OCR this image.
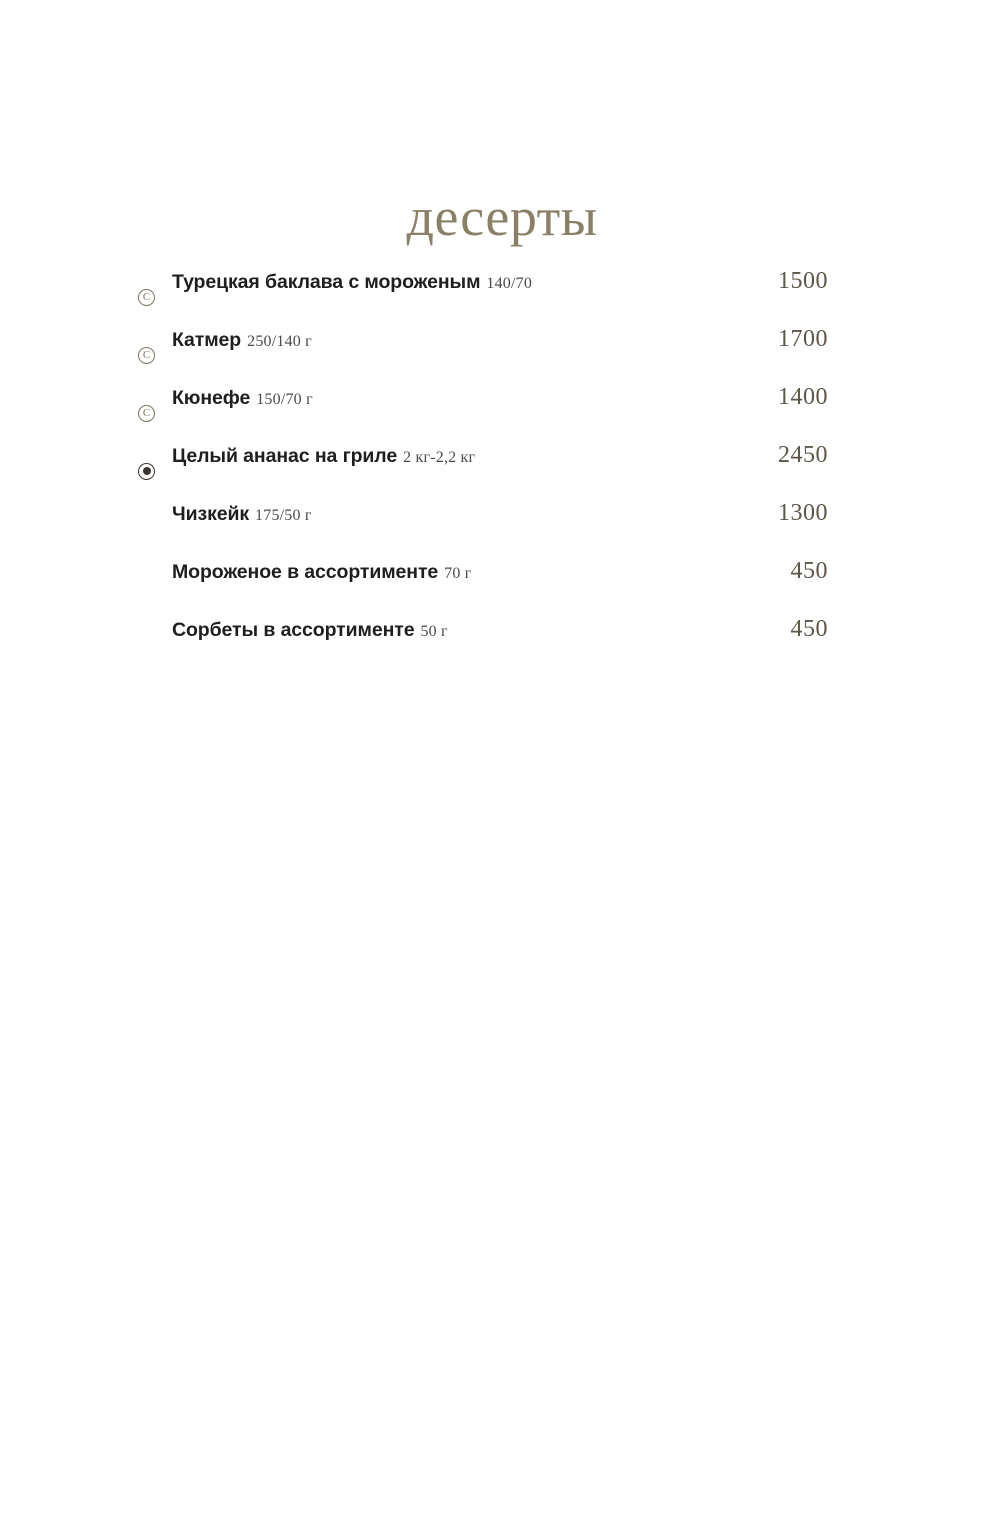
десерты
C
Турецкая баклава с мороженым 140/70	1500
C
Катмер 250/140 г	1700
C
Кюнефе 150/70 г	1400
Целый ананас на гриле 2 кг-2,2 кг	2450
Чизкейк 175/50 г	1300
Мороженое в ассортименте 70 г	450
Сорбеты в ассортименте 50 г	450
